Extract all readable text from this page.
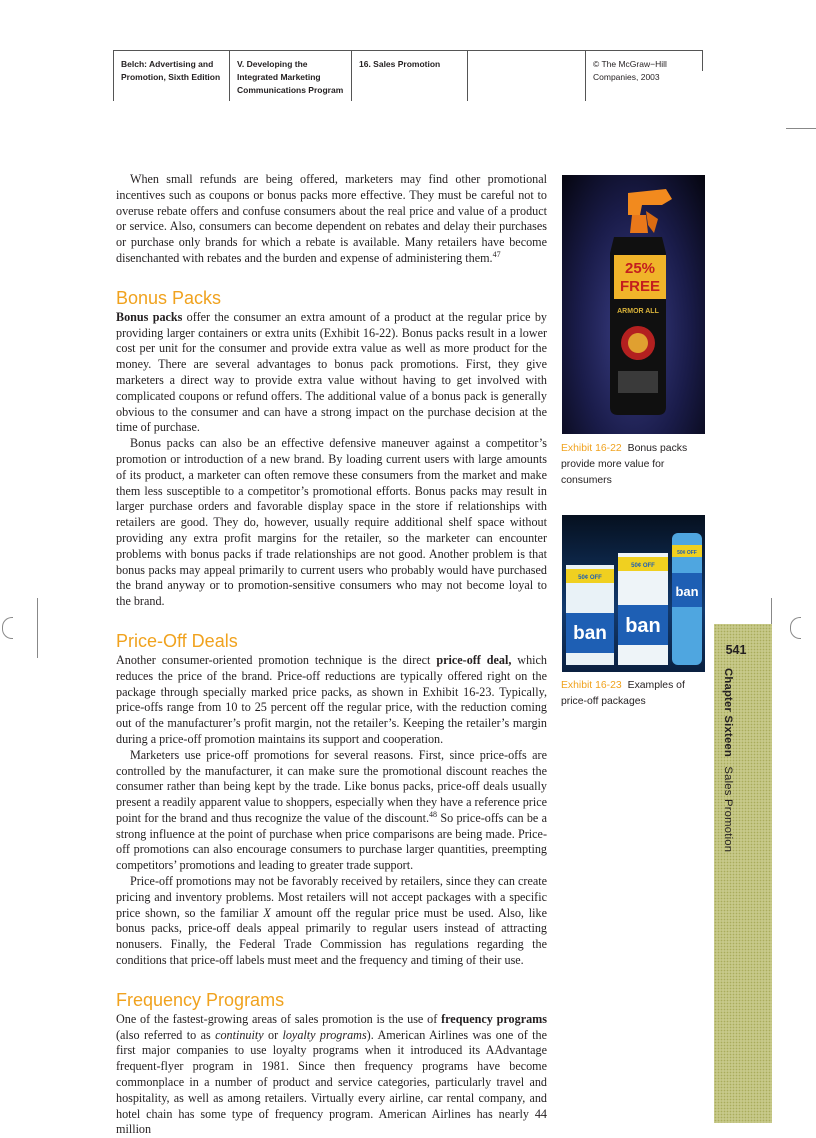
Belch: Advertising and
Promotion, Sixth Edition
V. Developing the
Integrated Marketing
Communications Program
16. Sales Promotion	© The McGraw−Hill
Companies, 2003

When small refunds are being offered, marketers may find other promotional incentives such as coupons or bonus packs more effective. They must be careful not to overuse rebate offers and confuse consumers about the real price and value of a product or service. Also, consumers can become dependent on rebates and delay their purchases or purchase only brands for which a rebate is available. Many retailers have become disenchanted with rebates and the burden and expense of administering them.$^{47}$

Bonus Packs

Bonus packs offer the consumer an extra amount of a product at the regular price by providing larger containers or extra units (Exhibit 16-22). Bonus packs result in a lower cost per unit for the consumer and provide extra value as well as more product for the money. There are several advantages to bonus pack promotions. First, they give marketers a direct way to provide extra value without having to get involved with complicated coupons or refund offers. The additional value of a bonus pack is generally obvious to the consumer and can have a strong impact on the purchase decision at the time of purchase.

Bonus packs can also be an effective defensive maneuver against a competitor’s promotion or introduction of a new brand. By loading current users with large amounts of its product, a marketer can often remove these consumers from the market and make them less susceptible to a competitor’s promotional efforts. Bonus packs may result in larger purchase orders and favorable display space in the store if relationships with retailers are good. They do, however, usually require additional shelf space without providing any extra profit margins for the retailer, so the marketer can encounter problems with bonus packs if trade relationships are not good. Another problem is that bonus packs may appeal primarily to current users who probably would have purchased the brand anyway or to promotion-sensitive consumers who may not become loyal to the brand.

Price-Off Deals

Another consumer-oriented promotion technique is the direct price-off deal, which reduces the price of the brand. Price-off reductions are typically offered right on the package through specially marked price packs, as shown in Exhibit 16-23. Typically, price-offs range from 10 to 25 percent off the regular price, with the reduction coming out of the manufacturer’s profit margin, not the retailer’s. Keeping the retailer’s margin during a price-off promotion maintains its support and cooperation.

Marketers use price-off promotions for several reasons. First, since price-offs are controlled by the manufacturer, it can make sure the promotional discount reaches the consumer rather than being kept by the trade. Like bonus packs, price-off deals usually present a readily apparent value to shoppers, especially when they have a reference price point for the brand and thus recognize the value of the discount.$^{48}$ So price-offs can be a strong influence at the point of purchase when price comparisons are being made. Price-off promotions can also encourage consumers to purchase larger quantities, preempting competitors’ promotions and leading to greater trade support.

Price-off promotions may not be favorably received by retailers, since they can create pricing and inventory problems. Most retailers will not accept packages with a specific price shown, so the familiar X amount off the regular price must be used. Also, like bonus packs, price-off deals appeal primarily to regular users instead of attracting nonusers. Finally, the Federal Trade Commission has regulations regarding the conditions that price-off labels must meet and the frequency and timing of their use.

Frequency Programs

One of the fastest-growing areas of sales promotion is the use of frequency programs (also referred to as continuity or loyalty programs). American Airlines was one of the first major companies to use loyalty programs when it introduced its AAdvantage frequent-flyer program in 1981. Since then frequency programs have become commonplace in a number of product and service categories, particularly travel and hospitality, as well as among retailers. Virtually every airline, car rental company, and hotel chain has some type of frequency program. American Airlines has nearly 44 million

25%
FREE
ARMOR ALL
Exhibit 16-22 Bonus packs provide more value for consumers
50¢ OFF
ban
50¢ OFF
ban
50¢ OFF
ban
Exhibit 16-23 Examples of price-off packages
541
Chapter Sixteen Sales Promotion
